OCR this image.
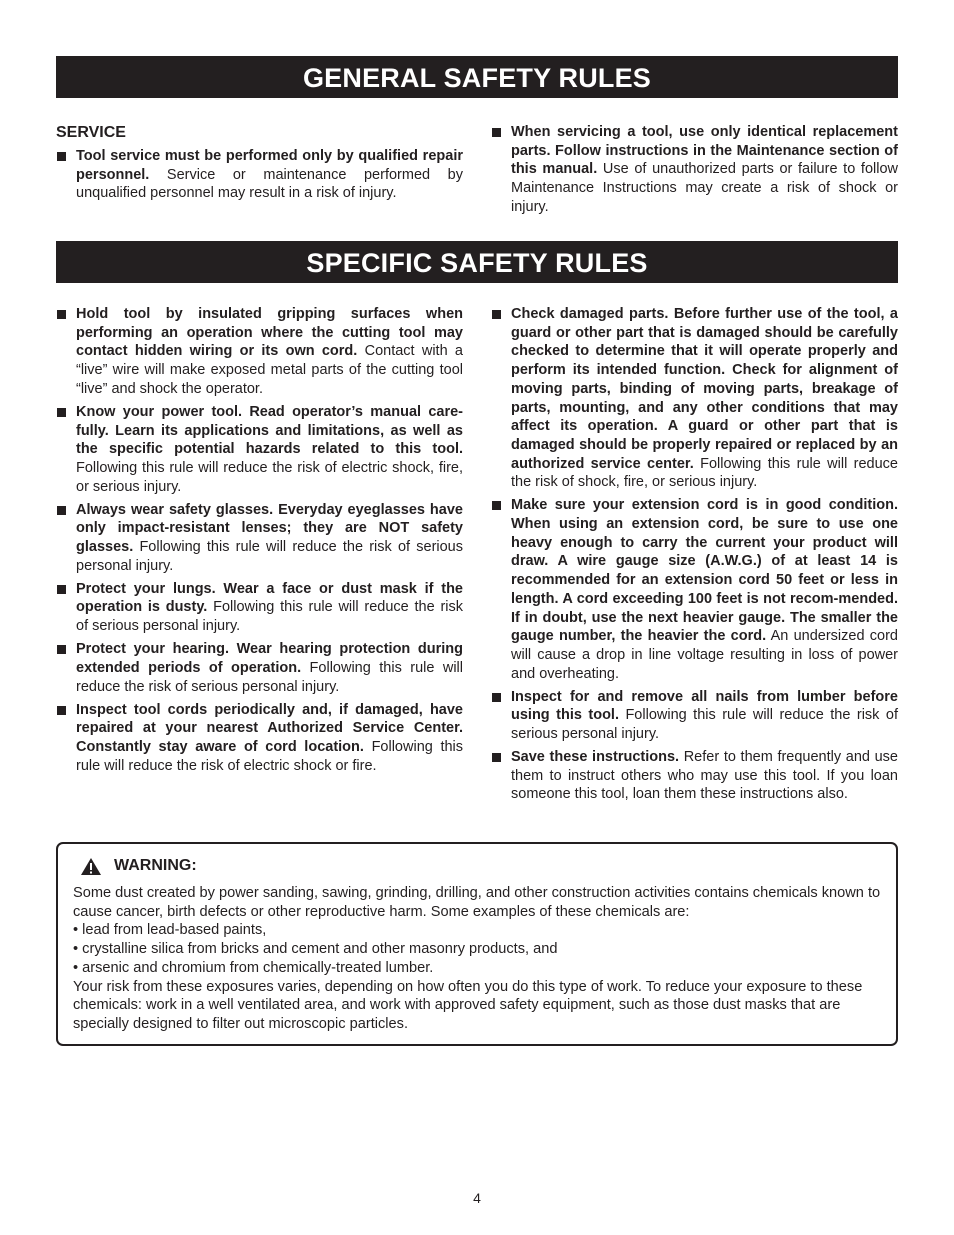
GENERAL SAFETY RULES
SERVICE

Tool service must be performed only by qualified repair personnel. Service or maintenance performed by unqualified personnel may result in a risk of injury.

When servicing a tool, use only identical replacement parts. Follow instructions in the Maintenance section of this manual. Use of unauthorized parts or failure to follow Maintenance Instructions may create a risk of shock or injury.

SPECIFIC SAFETY RULES

Hold tool by insulated gripping surfaces when performing an operation where the cutting tool may contact hidden wiring or its own cord. Contact with a “live” wire will make exposed metal parts of the cutting tool “live” and shock the operator.

Know your power tool. Read operator’s manual care-fully. Learn its applications and limitations, as well as the specific potential hazards related to this tool. Following this rule will reduce the risk of electric shock, fire, or serious injury.

Always wear safety glasses. Everyday eyeglasses have only impact-resistant lenses; they are NOT safety glasses. Following this rule will reduce the risk of serious personal injury.

Protect your lungs. Wear a face or dust mask if the operation is dusty. Following this rule will reduce the risk of serious personal injury.

Protect your hearing. Wear hearing protection during extended periods of operation. Following this rule will reduce the risk of serious personal injury.

Inspect tool cords periodically and, if damaged, have repaired at your nearest Authorized Service Center. Constantly stay aware of cord location. Following this rule will reduce the risk of electric shock or fire.

Check damaged parts. Before further use of the tool, a guard or other part that is damaged should be carefully checked to determine that it will operate properly and perform its intended function. Check for alignment of moving parts, binding of moving parts, breakage of parts, mounting, and any other conditions that may affect its operation. A guard or other part that is damaged should be properly repaired or replaced by an authorized service center. Following this rule will reduce the risk of shock, fire, or serious injury.

Make sure your extension cord is in good condition. When using an extension cord, be sure to use one heavy enough to carry the current your product will draw. A wire gauge size (A.W.G.) of at least 14 is recommended for an extension cord 50 feet or less in length. A cord exceeding 100 feet is not recom-mended. If in doubt, use the next heavier gauge. The smaller the gauge number, the heavier the cord. An undersized cord will cause a drop in line voltage resulting in loss of power and overheating.

Inspect for and remove all nails from lumber before using this tool. Following this rule will reduce the risk of serious personal injury.

Save these instructions. Refer to them frequently and use them to instruct others who may use this tool. If you loan someone this tool, loan them these instructions also.

WARNING:

Some dust created by power sanding, sawing, grinding, drilling, and other construction activities contains chemicals known to cause cancer, birth defects or other reproductive harm. Some examples of these chemicals are:

• lead from lead-based paints,

• crystalline silica from bricks and cement and other masonry products, and

• arsenic and chromium from chemically-treated lumber.

Your risk from these exposures varies, depending on how often you do this type of work. To reduce your exposure to these chemicals: work in a well ventilated area, and work with approved safety equipment, such as those dust masks that are specially designed to filter out microscopic particles.

4
